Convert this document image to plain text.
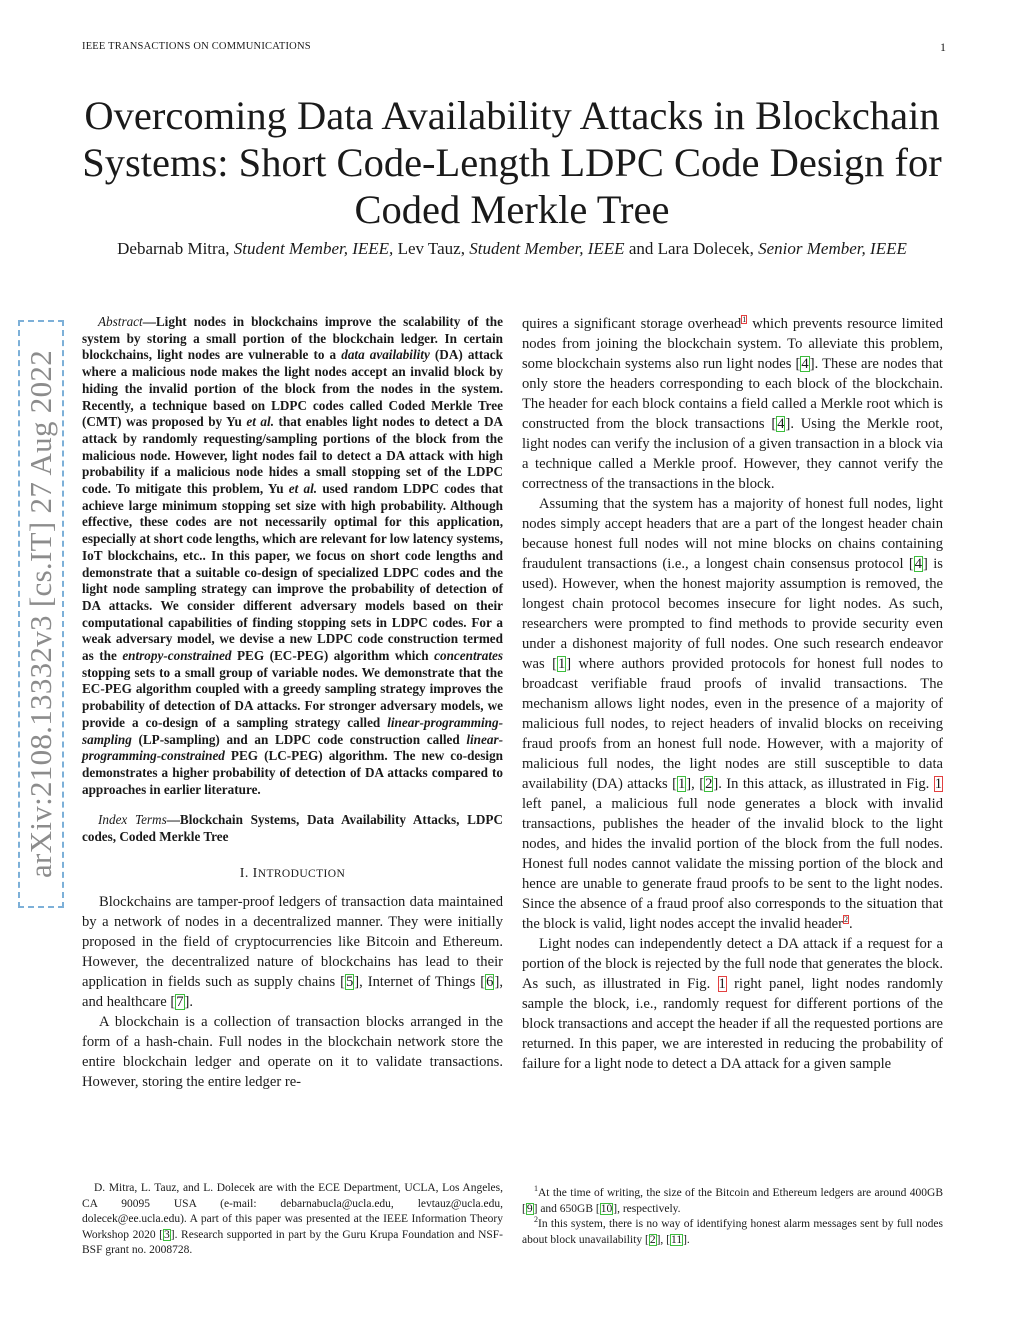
IEEE TRANSACTIONS ON COMMUNICATIONS	1
Overcoming Data Availability Attacks in Blockchain Systems: Short Code-Length LDPC Code Design for Coded Merkle Tree
Debarnab Mitra, Student Member, IEEE, Lev Tauz, Student Member, IEEE and Lara Dolecek, Senior Member, IEEE
arXiv:2108.13332v3 [cs.IT] 27 Aug 2022

Abstract—Light nodes in blockchains improve the scalability of the system by storing a small portion of the blockchain ledger. In certain blockchains, light nodes are vulnerable to a data availability (DA) attack where a malicious node makes the light nodes accept an invalid block by hiding the invalid portion of the block from the nodes in the system. Recently, a technique based on LDPC codes called Coded Merkle Tree (CMT) was proposed by Yu et al. that enables light nodes to detect a DA attack by randomly requesting/sampling portions of the block from the malicious node. However, light nodes fail to detect a DA attack with high probability if a malicious node hides a small stopping set of the LDPC code. To mitigate this problem, Yu et al. used random LDPC codes that achieve large minimum stopping set size with high probability. Although effective, these codes are not necessarily optimal for this application, especially at short code lengths, which are relevant for low latency systems, IoT blockchains, etc.. In this paper, we focus on short code lengths and demonstrate that a suitable co-design of specialized LDPC codes and the light node sampling strategy can improve the probability of detection of DA attacks. We consider different adversary models based on their computational capabilities of finding stopping sets in LDPC codes. For a weak adversary model, we devise a new LDPC code construction termed as the entropy-constrained PEG (EC-PEG) algorithm which concentrates stopping sets to a small group of variable nodes. We demonstrate that the EC-PEG algorithm coupled with a greedy sampling strategy improves the probability of detection of DA attacks. For stronger adversary models, we provide a co-design of a sampling strategy called linear-programming-sampling (LP-sampling) and an LDPC code construction called linear-programming-constrained PEG (LC-PEG) algorithm. The new co-design demonstrates a higher probability of detection of DA attacks compared to approaches in earlier literature.

Index Terms—Blockchain Systems, Data Availability Attacks, LDPC codes, Coded Merkle Tree

I. INTRODUCTION

Blockchains are tamper-proof ledgers of transaction data maintained by a network of nodes in a decentralized manner. They were initially proposed in the field of cryptocurrencies like Bitcoin and Ethereum. However, the decentralized nature of blockchains has lead to their application in fields such as supply chains [5], Internet of Things [6], and healthcare [7].

A blockchain is a collection of transaction blocks arranged in the form of a hash-chain. Full nodes in the blockchain network store the entire blockchain ledger and operate on it to validate transactions. However, storing the entire ledger re-

quires a significant storage overhead$^1$ which prevents resource limited nodes from joining the blockchain system. To alleviate this problem, some blockchain systems also run light nodes [4]. These are nodes that only store the headers corresponding to each block of the blockchain. The header for each block contains a field called a Merkle root which is constructed from the block transactions [4]. Using the Merkle root, light nodes can verify the inclusion of a given transaction in a block via a technique called a Merkle proof. However, they cannot verify the correctness of the transactions in the block.

Assuming that the system has a majority of honest full nodes, light nodes simply accept headers that are a part of the longest header chain because honest full nodes will not mine blocks on chains containing fraudulent transactions (i.e., a longest chain consensus protocol [4] is used). However, when the honest majority assumption is removed, the longest chain protocol becomes insecure for light nodes. As such, researchers were prompted to find methods to provide security even under a dishonest majority of full nodes. One such research endeavor was [1] where authors provided protocols for honest full nodes to broadcast verifiable fraud proofs of invalid transactions. The mechanism allows light nodes, even in the presence of a majority of malicious full nodes, to reject headers of invalid blocks on receiving fraud proofs from an honest full node. However, with a majority of malicious full nodes, the light nodes are still susceptible to data availability (DA) attacks [1], [2]. In this attack, as illustrated in Fig. 1 left panel, a malicious full node generates a block with invalid transactions, publishes the header of the invalid block to the light nodes, and hides the invalid portion of the block from the full nodes. Honest full nodes cannot validate the missing portion of the block and hence are unable to generate fraud proofs to be sent to the light nodes. Since the absence of a fraud proof also corresponds to the situation that the block is valid, light nodes accept the invalid header$^2$.

Light nodes can independently detect a DA attack if a request for a portion of the block is rejected by the full node that generates the block. As such, as illustrated in Fig. 1 right panel, light nodes randomly sample the block, i.e., randomly request for different portions of the block transactions and accept the header if all the requested portions are returned. In this paper, we are interested in reducing the probability of failure for a light node to detect a DA attack for a given sample

D. Mitra, L. Tauz, and L. Dolecek are with the ECE Department, UCLA, Los Angeles, CA 90095 USA (e-mail: debarnabucla@ucla.edu, levtauz@ucla.edu, dolecek@ee.ucla.edu). A part of this paper was presented at the IEEE Information Theory Workshop 2020 [3]. Research supported in part by the Guru Krupa Foundation and NSF-BSF grant no. 2008728.

$^1$At the time of writing, the size of the Bitcoin and Ethereum ledgers are around 400GB [9] and 650GB [10], respectively.

$^2$In this system, there is no way of identifying honest alarm messages sent by full nodes about block unavailability [2], [11].
